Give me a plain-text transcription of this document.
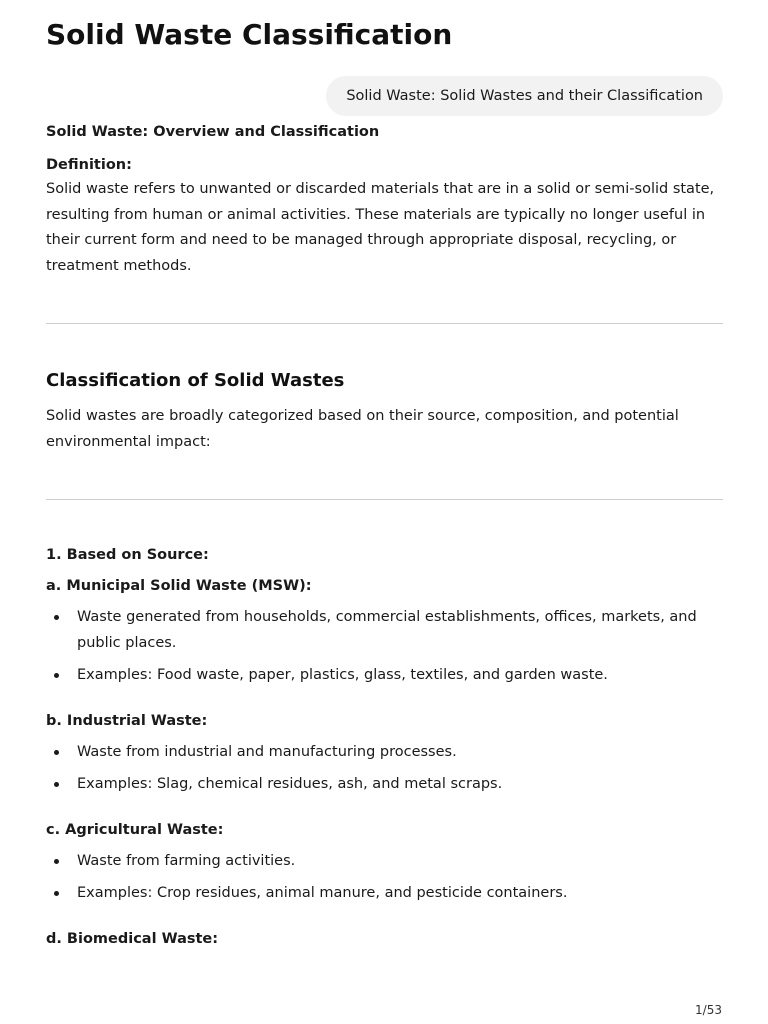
Solid Waste Classification
Solid Waste: Solid Wastes and their Classification
Solid Waste: Overview and Classification
Definition:

Solid waste refers to unwanted or discarded materials that are in a solid or semi-solid state, resulting from human or animal activities. These materials are typically no longer useful in their current form and need to be managed through appropriate disposal, recycling, or treatment methods.

Classification of Solid Wastes

Solid wastes are broadly categorized based on their source, composition, and potential environmental impact:

1. Based on Source:
a. Municipal Solid Waste (MSW):
Waste generated from households, commercial establishments, offices, markets, and public places.
Examples: Food waste, paper, plastics, glass, textiles, and garden waste.
b. Industrial Waste:
Waste from industrial and manufacturing processes.
Examples: Slag, chemical residues, ash, and metal scraps.
c. Agricultural Waste:
Waste from farming activities.
Examples: Crop residues, animal manure, and pesticide containers.
d. Biomedical Waste:
1/53
